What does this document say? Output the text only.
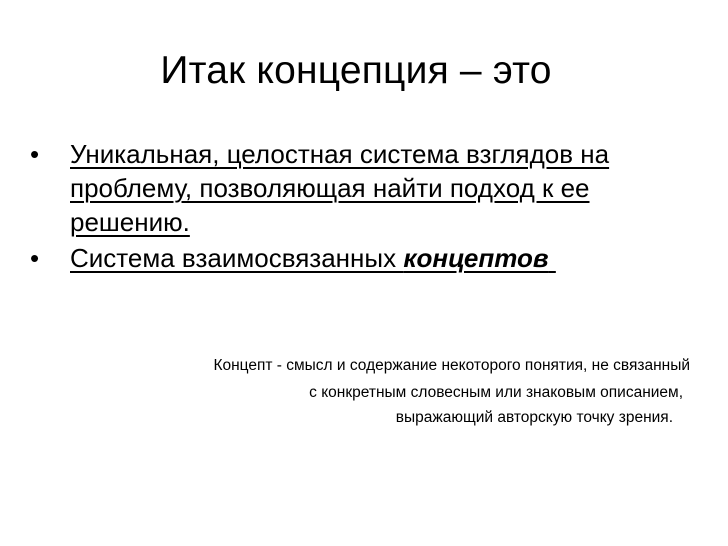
Итак концепция – это
•	Уникальная, целостная система взглядов на проблему, позволяющая найти подход к ее решению.
•	Система взаимосвязанных концептов
Концепт - смысл и содержание некоторого понятия, не связанный
с конкретным словесным или знаковым описанием,
выражающий авторскую точку зрения.
